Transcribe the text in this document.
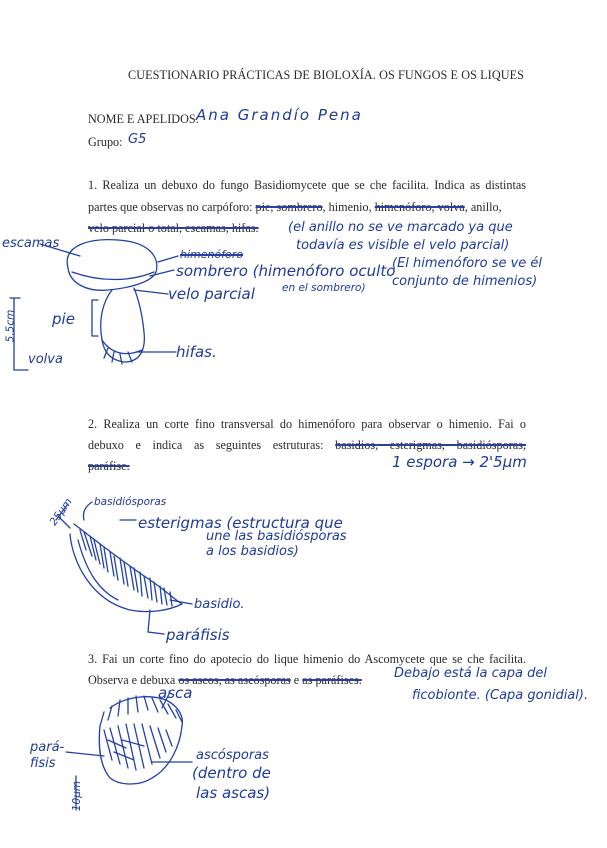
CUESTIONARIO PRÁCTICAS DE BIOLOXÍA. OS FUNGOS E OS LIQUES
NOME E APELIDOS:
Ana Grandío Pena
Grupo: G5
1. Realiza un debuxo do fungo Basidiomycete que se che facilita. Indica as distintas
partes que observas no carpóforo: pie, sombrero, himenio, himenóforo, volva, anillo,
velo parcial o total, escamas, hifas. (el anillo no se ve marcado ya que
todavía es visible el velo parcial)
(El himenóforo se ve él
conjunto de himenios)
escamas
himenóforo
sombrero (himenóforo oculto
en el sombrero)
velo parcial
pie
5.5cm
volva	hifas.
2. Realiza un corte fino transversal do himenóforo para observar o himenio. Fai o
debuxo e indica as seguintes estruturas: basidios, esterigmas, basidiósporas,
paráfise.	1 espora → 2'5µm
25µm basidiósporas
esterigmas (estructura que
une las basidiósporas
a los basidios)
basidio.
paráfisis
3. Fai un corte fino do apotecio do lique himenio do Ascomycete que se che facilita.
Observa e debuxa os ascos, as ascósporas e as paráfises. Debajo está la capa del
ficobionte. (Capa gonidial).
asca
pará-
fisis
10µm
ascósporas
(dentro de
las ascas)
